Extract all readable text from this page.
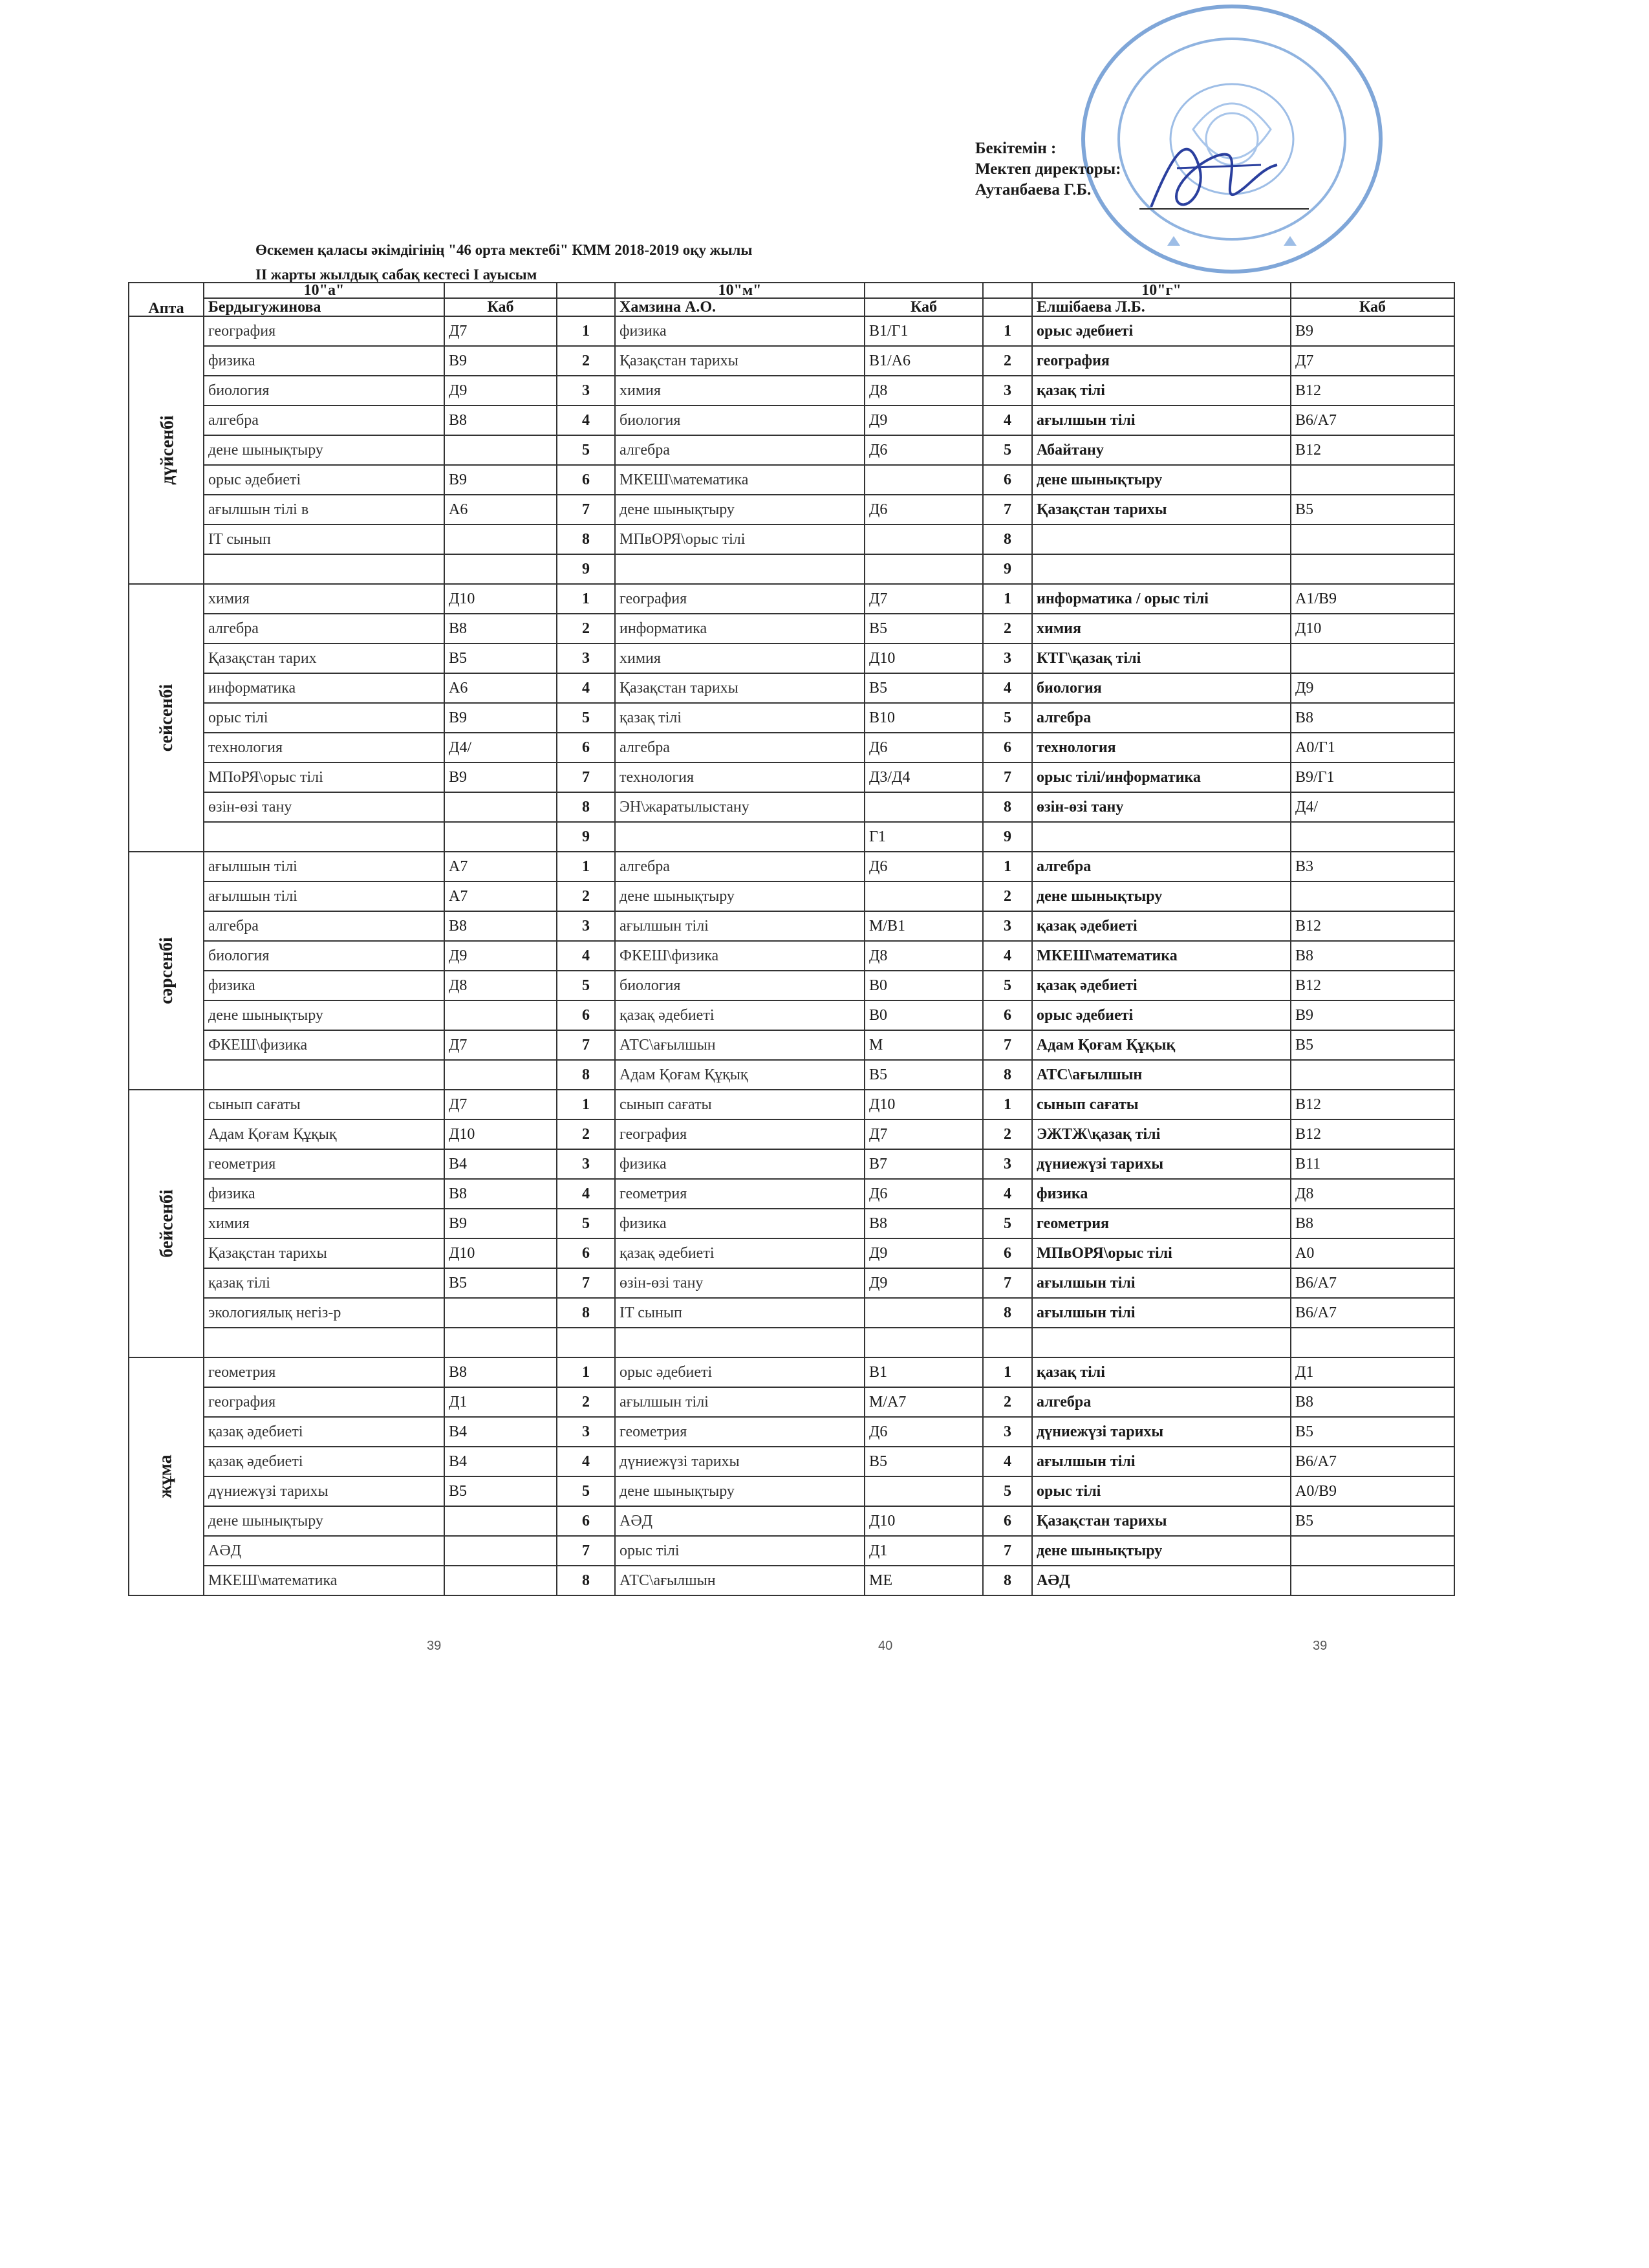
Бекітемін :
Мектеп директоры:
Аутанбаева Г.Б.
Өскемен қаласы әкімдігінің "46 орта мектебі" КММ 2018-2019 оқу жылы
II жарты жылдық сабақ кестесі I ауысым
Апта	10"а"			10"м"			10"г"	
	Бердыгужинова	Каб		Хамзина А.О.	Каб		Елшібаева Л.Б.	Каб
дүйсенбі	география	Д7	1	физика	В1/Г1	1	орыс әдебиеті	В9
	физика	В9	2	Қазақстан тарихы	В1/А6	2	география	Д7
	биология	Д9	3	химия	Д8	3	қазақ тілі	В12
	алгебра	В8	4	биология	Д9	4	ағылшын тілі	В6/А7
	дене шынықтыру		5	алгебра	Д6	5	Абайтану	В12
	орыс әдебиеті	В9	6	МКЕШ\математика		6	дене шынықтыру	
	ағылшын тілі в	А6	7	дене шынықтыру	Д6	7	Қазақстан тарихы	В5
	IT сынып		8	МПвОРЯ\орыс тілі		8		
			9			9		
сейсенбі	химия	Д10	1	география	Д7	1	информатика / орыс тілі	А1/В9
	алгебра	В8	2	информатика	В5	2	химия	Д10
	Қазақстан тарих	В5	3	химия	Д10	3	КТГ\қазақ тілі	
	информатика	А6	4	Қазақстан тарихы	В5	4	биология	Д9
	орыс тілі	В9	5	қазақ тілі	В10	5	алгебра	В8
	технология	Д4/	6	алгебра	Д6	6	технология	А0/Г1
	МПоРЯ\орыс тілі	В9	7	технология	Д3/Д4	7	орыс тілі/информатика	В9/Г1
	өзін-өзі тану		8	ЭН\жаратылыстану		8	өзін-өзі тану	Д4/
			9		Г1	9		
сәрсенбі	ағылшын тілі	А7	1	алгебра	Д6	1	алгебра	В3
	ағылшын тілі	А7	2	дене шынықтыру		2	дене шынықтыру	
	алгебра	В8	3	ағылшын тілі	М/В1	3	қазақ әдебиеті	В12
	биология	Д9	4	ФКЕШ\физика	Д8	4	МКЕШ\математика	В8
	физика	Д8	5	биология	В0	5	қазақ әдебиеті	В12
	дене шынықтыру		6	қазақ әдебиеті	В0	6	орыс әдебиеті	В9
	ФКЕШ\физика	Д7	7	АТС\ағылшын	М	7	Адам Қоғам Құқық	В5
			8	Адам Қоғам Құқық	В5	8	АТС\ағылшын	
бейсенбі	сынып сағаты	Д7	1	сынып сағаты	Д10	1	сынып сағаты	В12
	Адам Қоғам Құқық	Д10	2	география	Д7	2	ЭЖТЖ\қазақ тілі	В12
	геометрия	В4	3	физика	В7	3	дүниежүзі тарихы	В11
	физика	В8	4	геометрия	Д6	4	физика	Д8
	химия	В9	5	физика	В8	5	геометрия	В8
	Қазақстан тарихы	Д10	6	қазақ әдебиеті	Д9	6	МПвОРЯ\орыс тілі	А0
	қазақ тілі	В5	7	өзін-өзі тану	Д9	7	ағылшын тілі	В6/А7
	экологиялық негіз-р		8	IT сынып		8	ағылшын тілі	В6/А7

жұма	геометрия	В8	1	орыс әдебиеті	В1	1	қазақ тілі	Д1
	география	Д1	2	ағылшын тілі	М/А7	2	алгебра	В8
	қазақ әдебиеті	В4	3	геометрия	Д6	3	дүниежүзі тарихы	В5
	қазақ әдебиеті	В4	4	дүниежүзі тарихы	В5	4	ағылшын тілі	В6/А7
	дүниежүзі тарихы	В5	5	дене шынықтыру		5	орыс тілі	А0/В9
	дене шынықтыру		6	АӘД	Д10	6	Қазақстан тарихы	В5
	АӘД		7	орыс тілі	Д1	7	дене шынықтыру	
	МКЕШ\математика		8	АТС\ағылшын	МЕ	8	АӘД	
39	40	39
